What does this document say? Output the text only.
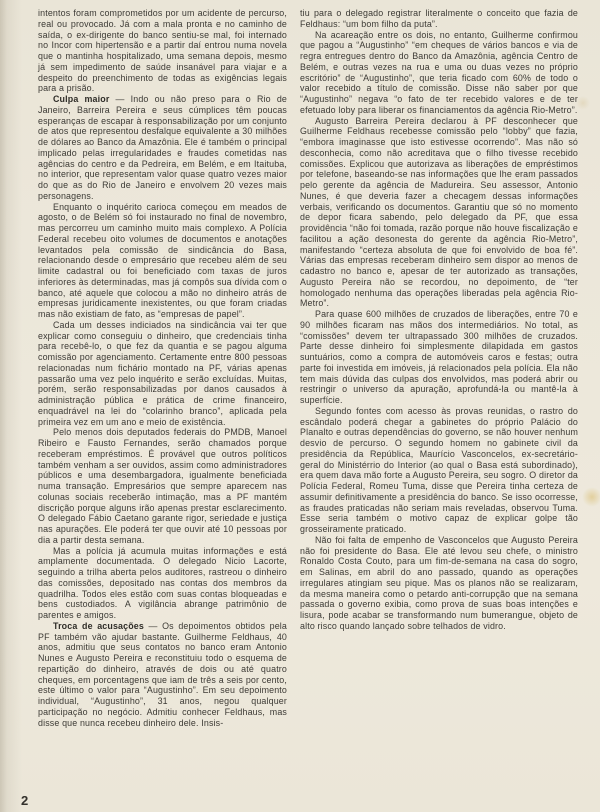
intentos foram comprometidos por um acidente de percurso, real ou provocado. Já com a mala pronta e no caminho de saída, o ex-dirigente do banco sentiu-se mal, foi internado no Incor com hipertensão e a partir daí entrou numa novela que o mantinha hospitalizado, uma semana depois, mesmo já sem impedimento de saúde insanável para viajar e a despeito do preenchimento de todas as exigências legais para a prisão.

Culpa maior — Indo ou não preso para o Rio de Janeiro, Barreira Pereira e seus cúmplices têm poucas esperanças de escapar à responsabilização por um conjunto de atos que representou desfalque equivalente a 30 milhões de dólares ao Banco da Amazônia. Ele é também o principal implicado pelas irregularidades e fraudes cometidas nas agências do centro e da Pedreira, em Belém, e em Itaituba, no interior, que representam valor quase quatro vezes maior do que as do Rio de Janeiro e envolvem 20 vezes mais personagens.

Enquanto o inquérito carioca começou em meados de agosto, o de Belém só foi instaurado no final de novembro, mas percorreu um caminho muito mais complexo. A Polícia Federal recebeu oito volumes de documentos e anotações levantados pela comissão de sindicância do Basa, relacionando desde o empresário que recebeu além de seu limite cadastral ou foi beneficiado com taxas de juros inferiores às determinadas, mas já compôs sua dívida com o banco, até aquele que colocou a mão no dinheiro atrás de empresas juridicamente inexistentes, ou que foram criadas mas não existiam de fato, as “empresas de papel”.

Cada um desses indiciados na sindicância vai ter que explicar como conseguiu o dinheiro, que credenciais tinha para recebê-lo, o que fez da quantia e se pagou alguma comissão por agenciamento. Certamente entre 800 pessoas relacionadas num fichário montado na PF, várias apenas passarão uma vez pelo inquérito e serão excluídas. Muitas, porém, serão responsabilizadas por danos causados à administração pública e prática de crime financeiro, enquadrável na lei do “colarinho branco”, aplicada pela primeira vez em um ano e meio de existência.

Pelo menos dois deputados federais do PMDB, Manoel Ribeiro e Fausto Fernandes, serão chamados porque receberam empréstimos. É provável que outros políticos também venham a ser ouvidos, assim como administradores públicos e uma desembargadora, igualmente beneficiada numa transação. Empresários que sempre aparecem nas colunas sociais receberão intimação, mas a PF mantém discrição porque alguns irão apenas prestar esclarecimento. O delegado Fábio Caetano garante rigor, seriedade e justiça nas apurações. Ele poderá ter que ouvir até 10 pessoas por dia a partir desta semana.

Mas a polícia já acumula muitas informações e está amplamente documentada. O delegado Nicio Lacorte, seguindo a trilha aberta pelos auditores, rastreou o dinheiro das comissões, depositado nas contas dos membros da quadrilha. Todos eles estão com suas contas bloqueadas e bens custodiados. A vigilância abrange patrimônio de parentes e amigos.

Troca de acusações — Os depoimentos obtidos pela PF também vão ajudar bastante. Guilherme Feldhaus, 40 anos, admitiu que seus contatos no banco eram Antonio Nunes e Augusto Pereira e reconstituiu todo o esquema de repartição do dinheiro, através de dois ou até quatro cheques, em porcentagens que iam de três a seis por cento, este último o valor para “Augustinho”. Em seu depoimento individual, “Augustinho”, 31 anos, negou qualquer participação no negócio. Admitiu conhecer Feldhaus, mas disse que nunca recebeu dinheiro dele. Insis-

tiu para o delegado registrar literalmente o conceito que fazia de Feldhaus: “um bom filho da puta”.

Na acareação entre os dois, no entanto, Guilherme confirmou que pagou a “Augustinho” “em cheques de vários bancos e via de regra entregues dentro do Banco da Amazônia, agência Centro de Belém, e outras vezes na rua e uma ou duas vezes no próprio escritório” de “Augustinho”, que teria ficado com 60% de todo o valor recebido a título de comissão. Disse não saber por que “Augustinho” negava “o fato de ter recebido valores e de ter efetuado loby para liberar os financiamentos da agência Rio-Metro”.

Augusto Barreira Pereira declarou à PF desconhecer que Guilherme Feldhaus recebesse comissão pelo “lobby” que fazia, “embora imaginasse que isto estivesse ocorrendo”. Mas não só desconhecia, como não acreditava que o filho tivesse recebido comissões. Explicou que autorizava as liberações de empréstimos por telefone, baseando-se nas informações que lhe eram passados pelo gerente da agência de Madureira. Seu assessor, Antonio Nunes, é que deveria fazer a checagem dessas informações verbais, verificando os documentos. Garantiu que só no momento de depor ficara sabendo, pelo delegado da PF, que essa providência “não foi tomada, razão porque não houve fiscalização e facilitou a ação desonesta do gerente da agência Rio-Metro”, manifestando “certeza absoluta de que foi envolvido de boa fé”. Várias das empresas receberam dinheiro sem dispor ao menos de cadastro no banco e, apesar de ter autorizado as transações, Augusto Pereira não se recordou, no depoimento, de “ter homologado nenhuma das operações liberadas pela agência Rio-Metro”.

Para quase 600 milhões de cruzados de liberações, entre 70 e 90 milhões ficaram nas mãos dos intermediários. No total, as “comissões” devem ter ultrapassado 300 milhões de cruzados. Parte desse dinheiro foi simplesmente dilapidada em gastos suntuários, como a compra de automóveis caros e festas; outra parte foi investida em imóveis, já relacionados pela polícia. Ela não tem mais dúvida das culpas dos envolvidos, mas poderá abrir ou restringir o universo da apuração, aprofundá-la ou mantê-la à superfície.

Segundo fontes com acesso às provas reunidas, o rastro do escândalo poderá chegar a gabinetes do próprio Palácio do Planalto e outras dependências do governo, se não houver nenhum desvio de percurso. O segundo homem no gabinete civil da presidência da República, Maurício Vasconcelos, ex-secretário-geral do Ministérrio do Interior (ao qual o Basa está subordinado), era quem dava mão forte a Augusto Pereira, seu sogro. O diretor da Polícia Federal, Romeu Tuma, disse que Pereira tinha certeza de assumir definitivamente a presidência do banco. Se isso ocorresse, as fraudes praticadas não seriam mais reveladas, observou Tuma. Esse seria também o motivo capaz de explicar golpe tão grosseiramente praticado.

Não foi falta de empenho de Vasconcelos que Augusto Pereira não foi presidente do Basa. Ele até levou seu chefe, o ministro Ronaldo Costa Couto, para um fim-de-semana na casa do sogro, em Salinas, em abril do ano passado, quando as operações irregulares atingiam seu pique. Mas os planos não se realizaram, da mesma maneira como o petardo anti-corrupção que na semana passada o governo exibia, como prova de suas boas intenções e lisura, pode acabar se transformando num bumerangue, objeto de alto risco quando lançado sobre telhados de vidro.

2
